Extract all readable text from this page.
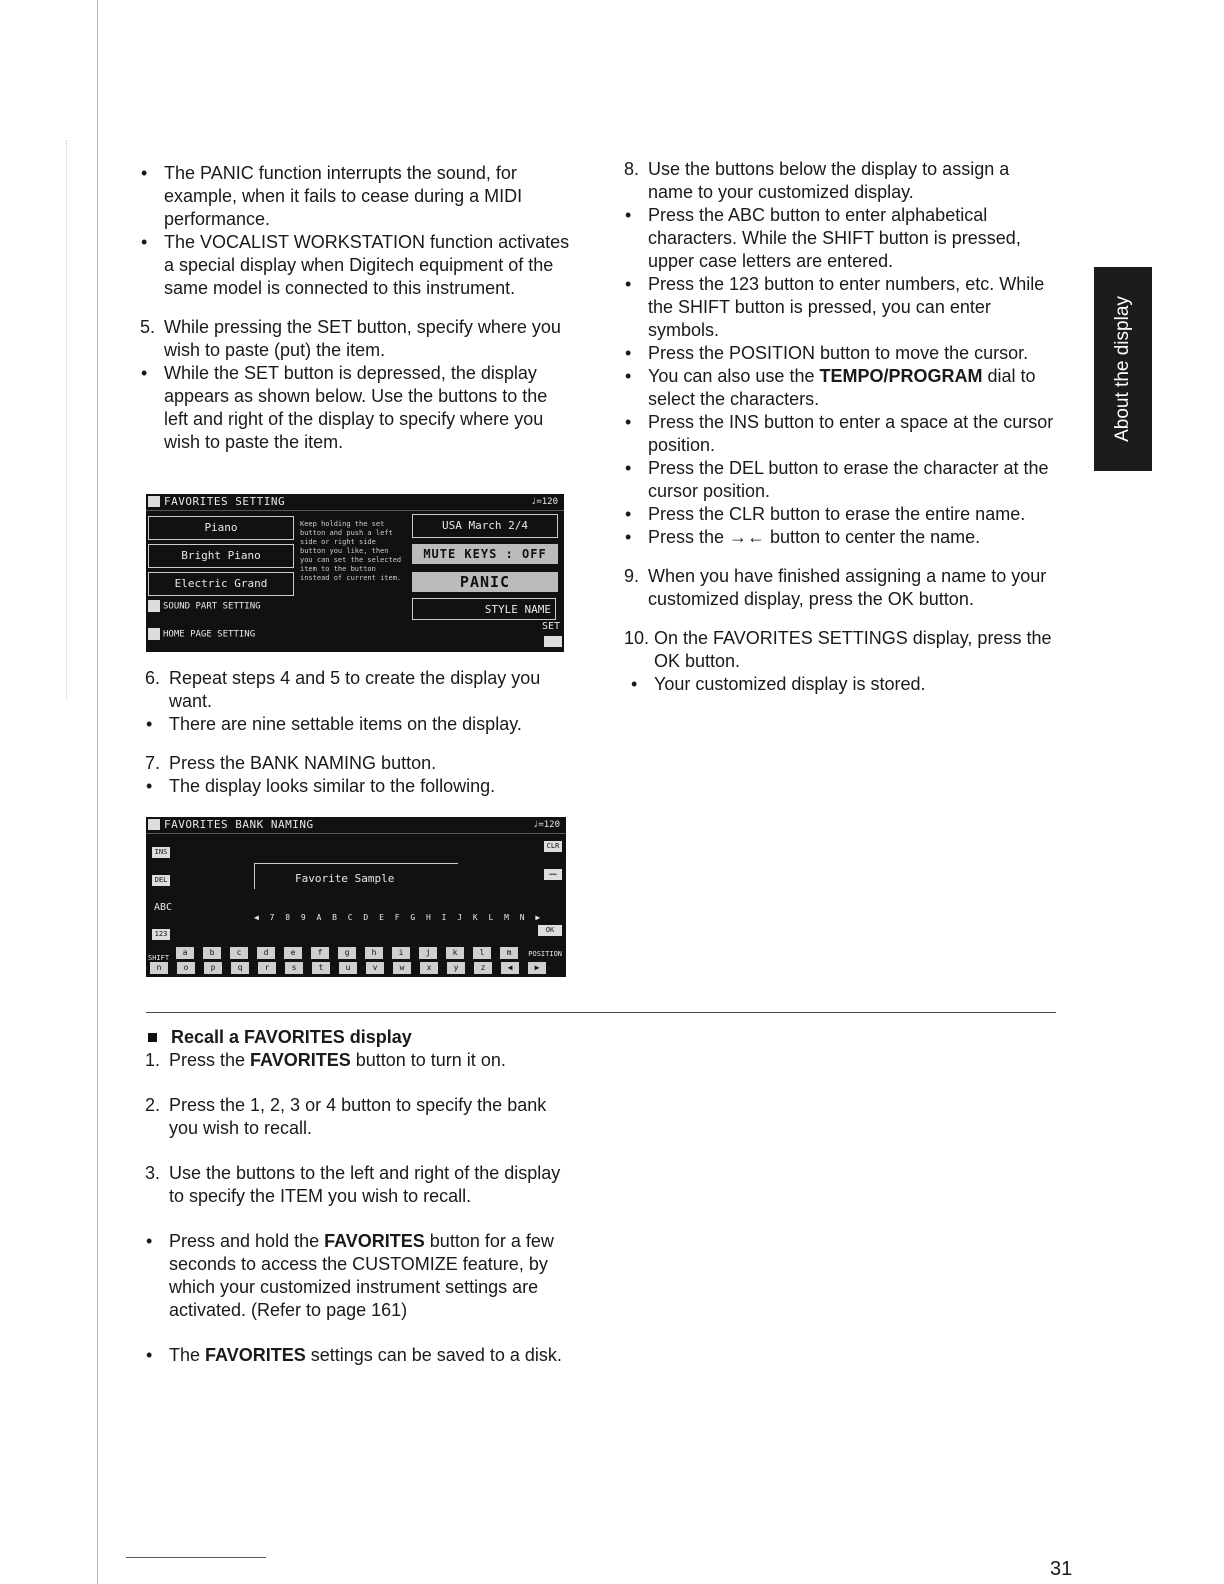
• The PANIC function interrupts the sound, for example, when it fails to cease during a MIDI performance.
• The VOCALIST WORKSTATION function activates a special display when Digitech equipment of the same model is connected to this instrument.

5. While pressing the SET button, specify where you wish to paste (put) the item.

• While the SET button is depressed, the display appears as shown below. Use the buttons to the left and right of the display to specify where you wish to paste the item.
FAVORITES SETTING	♩=120
Piano
Bright Piano
Electric Grand
Keep holding the set button and push a left side or right side button you like, then you can set the selected item to the button instead of current item.
USA March 2/4
MUTE KEYS : OFF
PANIC
STYLE NAME
SOUND PART SETTING
HOME PAGE SETTING
SET

6. Repeat steps 4 and 5 to create the display you want.

• There are nine settable items on the display.

7. Press the BANK NAMING button.

• The display looks similar to the following.
FAVORITES BANK NAMING	♩=120
INS
DEL
ABC
123
CLR
→←
OK
Favorite Sample
◀ 7 8 9 A B C D E F G H I J K L M N ▶
SHIFT	POSITION
a	b	c	d	e	f	g	h	i	j	k	l	m
n	o	p	q	r	s	t	u	v	w	x	y	z	◀	▶

8. Use the buttons below the display to assign a name to your customized display.

• Press the ABC button to enter alphabetical characters. While the SHIFT button is pressed, upper case letters are entered.
• Press the 123 button to enter numbers, etc. While the SHIFT button is pressed, you can enter symbols.
• Press the POSITION button to move the cursor.
• You can also use the TEMPO/PROGRAM dial to select the characters.
• Press the INS button to enter a space at the cursor position.
• Press the DEL button to erase the character at the cursor position.
• Press the CLR button to erase the entire name.
• Press the →← button to center the name.

9. When you have finished assigning a name to your customized display, press the OK button.

10. On the FAVORITES SETTINGS display, press the OK button.

• Your customized display is stored.
Recall a FAVORITES display

1. Press the FAVORITES button to turn it on.

2. Press the 1, 2, 3 or 4 button to specify the bank you wish to recall.

3. Use the buttons to the left and right of the display to specify the ITEM you wish to recall.

• Press and hold the FAVORITES button for a few seconds to access the CUSTOMIZE feature, by which your customized instrument settings are activated. (Refer to page 161)
• The FAVORITES settings can be saved to a disk.
About the display
31
